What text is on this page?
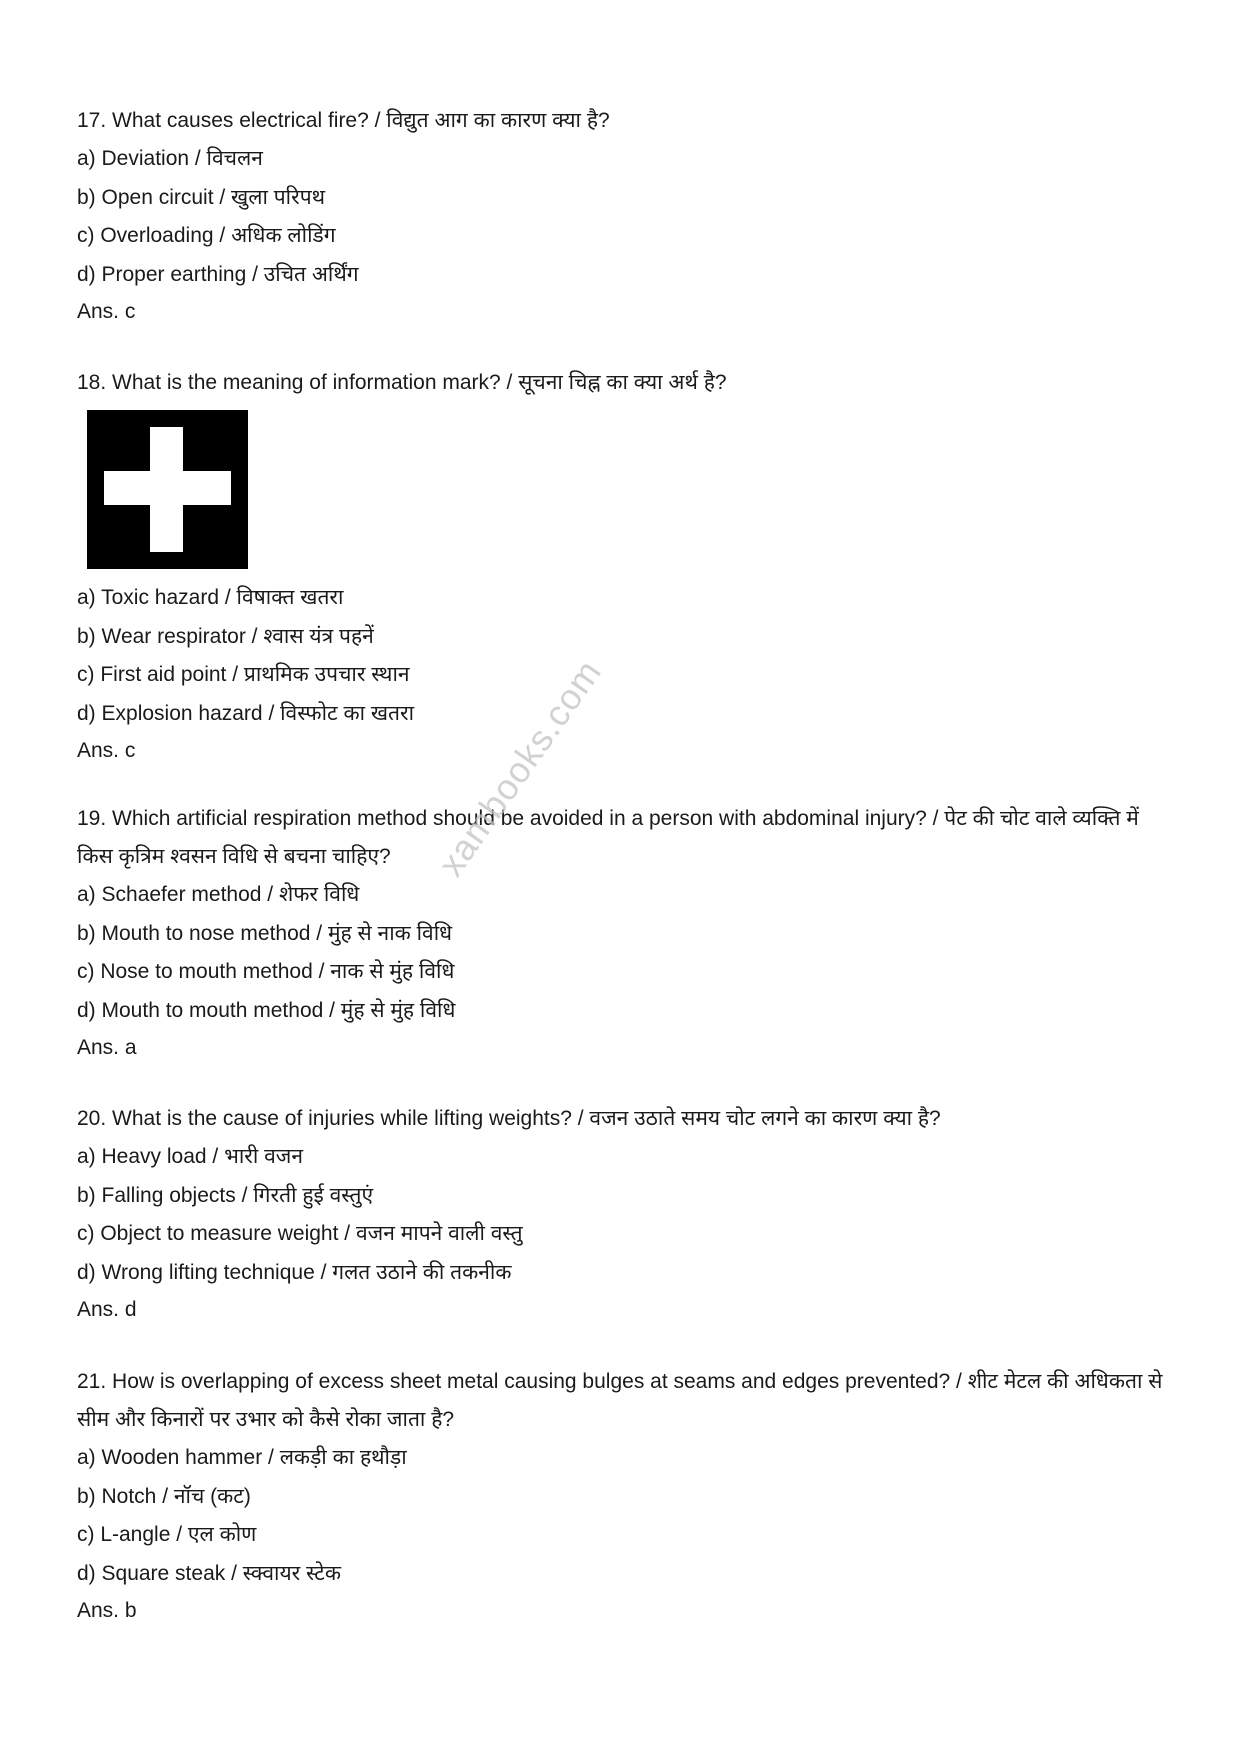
17. What causes electrical fire? / विद्युत आग का कारण क्या है?

a) Deviation / विचलन

b) Open circuit / खुला परिपथ

c) Overloading / अधिक लोडिंग

d) Proper earthing / उचित अर्थिंग

Ans. c

18. What is the meaning of information mark? / सूचना चिह्न का क्या अर्थ है?

a) Toxic hazard / विषाक्त खतरा

b) Wear respirator / श्वास यंत्र पहनें

c) First aid point / प्राथमिक उपचार स्थान

d) Explosion hazard / विस्फोट का खतरा

Ans. c

19. Which artificial respiration method should be avoided in a person with abdominal injury? / पेट की चोट वाले व्यक्ति में किस कृत्रिम श्वसन विधि से बचना चाहिए?

a) Schaefer method / शेफर विधि

b) Mouth to nose method / मुंह से नाक विधि

c) Nose to mouth method / नाक से मुंह विधि

d) Mouth to mouth method / मुंह से मुंह विधि

Ans. a

20. What is the cause of injuries while lifting weights? / वजन उठाते समय चोट लगने का कारण क्या है?

a) Heavy load / भारी वजन

b) Falling objects / गिरती हुई वस्तुएं

c) Object to measure weight / वजन मापने वाली वस्तु

d) Wrong lifting technique / गलत उठाने की तकनीक

Ans. d

21. How is overlapping of excess sheet metal causing bulges at seams and edges prevented? / शीट मेटल की अधिकता से सीम और किनारों पर उभार को कैसे रोका जाता है?

a) Wooden hammer / लकड़ी का हथौड़ा

b) Notch / नॉच (कट)

c) L-angle / एल कोण

d) Square steak / स्क्वायर स्टेक

Ans. b

xambooks.com
